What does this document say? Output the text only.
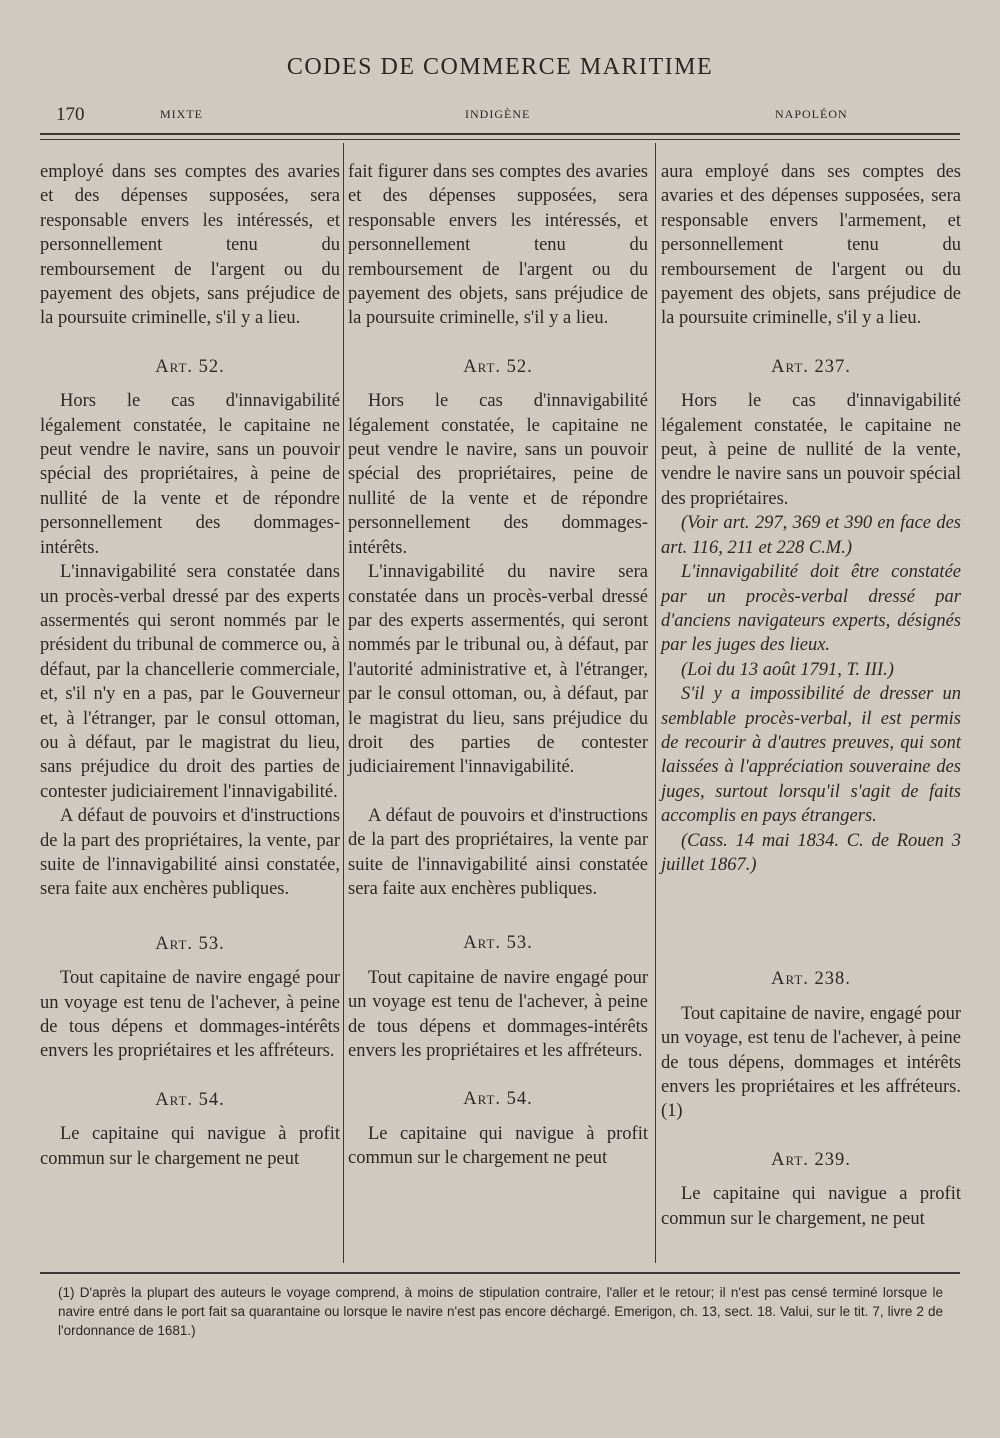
CODES DE COMMERCE MARITIME
170	MIXTE	INDIGÈNE	NAPOLÉON

employé dans ses comptes des avaries et des dépenses supposées, sera responsable envers les intéressés, et personnellement tenu du remboursement de l'argent ou du payement des objets, sans préjudice de la poursuite criminelle, s'il y a lieu.

Art. 52.

Hors le cas d'innavigabilité légalement constatée, le capitaine ne peut vendre le navire, sans un pouvoir spécial des propriétaires, à peine de nullité de la vente et de répondre personnellement des dommages-intérêts.

L'innavigabilité sera constatée dans un procès-verbal dressé par des experts assermentés qui seront nommés par le président du tribunal de commerce ou, à défaut, par la chancellerie commerciale, et, s'il n'y en a pas, par le Gouverneur et, à l'étranger, par le consul ottoman, ou à défaut, par le magistrat du lieu, sans préjudice du droit des parties de contester judiciairement l'innavigabilité.

A défaut de pouvoirs et d'instructions de la part des propriétaires, la vente, par suite de l'innavigabilité ainsi constatée, sera faite aux enchères publiques.

Art. 53.

Tout capitaine de navire engagé pour un voyage est tenu de l'achever, à peine de tous dépens et dommages-intérêts envers les propriétaires et les affréteurs.

Art. 54.

Le capitaine qui navigue à profit commun sur le chargement ne peut

fait figurer dans ses comptes des avaries et des dépenses supposées, sera responsable envers les intéressés, et personnellement tenu du remboursement de l'argent ou du payement des objets, sans préjudice de la poursuite criminelle, s'il y a lieu.

Art. 52.

Hors le cas d'innavigabilité légalement constatée, le capitaine ne peut vendre le navire, sans un pouvoir spécial des propriétaires, peine de nullité de la vente et de répondre personnellement des dommages-intérêts.

L'innavigabilité du navire sera constatée dans un procès-verbal dressé par des experts assermentés, qui seront nommés par le tribunal ou, à défaut, par l'autorité administrative et, à l'étranger, par le consul ottoman, ou, à défaut, par le magistrat du lieu, sans préjudice du droit des parties de contester judiciairement l'innavigabilité.

A défaut de pouvoirs et d'instructions de la part des propriétaires, la vente par suite de l'innavigabilité ainsi constatée sera faite aux enchères publiques.

Art. 53.

Tout capitaine de navire engagé pour un voyage est tenu de l'achever, à peine de tous dépens et dommages-intérêts envers les propriétaires et les affréteurs.

Art. 54.

Le capitaine qui navigue à profit commun sur le chargement ne peut

aura employé dans ses comptes des avaries et des dépenses supposées, sera responsable envers l'armement, et personnellement tenu du remboursement de l'argent ou du payement des objets, sans préjudice de la poursuite criminelle, s'il y a lieu.

Art. 237.

Hors le cas d'innavigabilité légalement constatée, le capitaine ne peut, à peine de nullité de la vente, vendre le navire sans un pouvoir spécial des propriétaires.

(Voir art. 297, 369 et 390 en face des art. 116, 211 et 228 C.M.)

L'innavigabilité doit être constatée par un procès-verbal dressé par d'anciens navigateurs experts, désignés par les juges des lieux.

(Loi du 13 août 1791, T. III.)

S'il y a impossibilité de dresser un semblable procès-verbal, il est permis de recourir à d'autres preuves, qui sont laissées à l'appréciation souveraine des juges, surtout lorsqu'il s'agit de faits accomplis en pays étrangers.

(Cass. 14 mai 1834. C. de Rouen 3 juillet 1867.)

Art. 238.

Tout capitaine de navire, engagé pour un voyage, est tenu de l'achever, à peine de tous dépens, dommages et intérêts envers les propriétaires et les affréteurs. (1)

Art. 239.

Le capitaine qui navigue a profit commun sur le chargement, ne peut

(1) D'après la plupart des auteurs le voyage comprend, à moins de stipulation contraire, l'aller et le retour; il n'est pas censé terminé lorsque le navire entré dans le port fait sa quarantaine ou lorsque le navire n'est pas encore déchargé. Emerigon, ch. 13, sect. 18. Valui, sur le tit. 7, livre 2 de l'ordonnance de 1681.)
